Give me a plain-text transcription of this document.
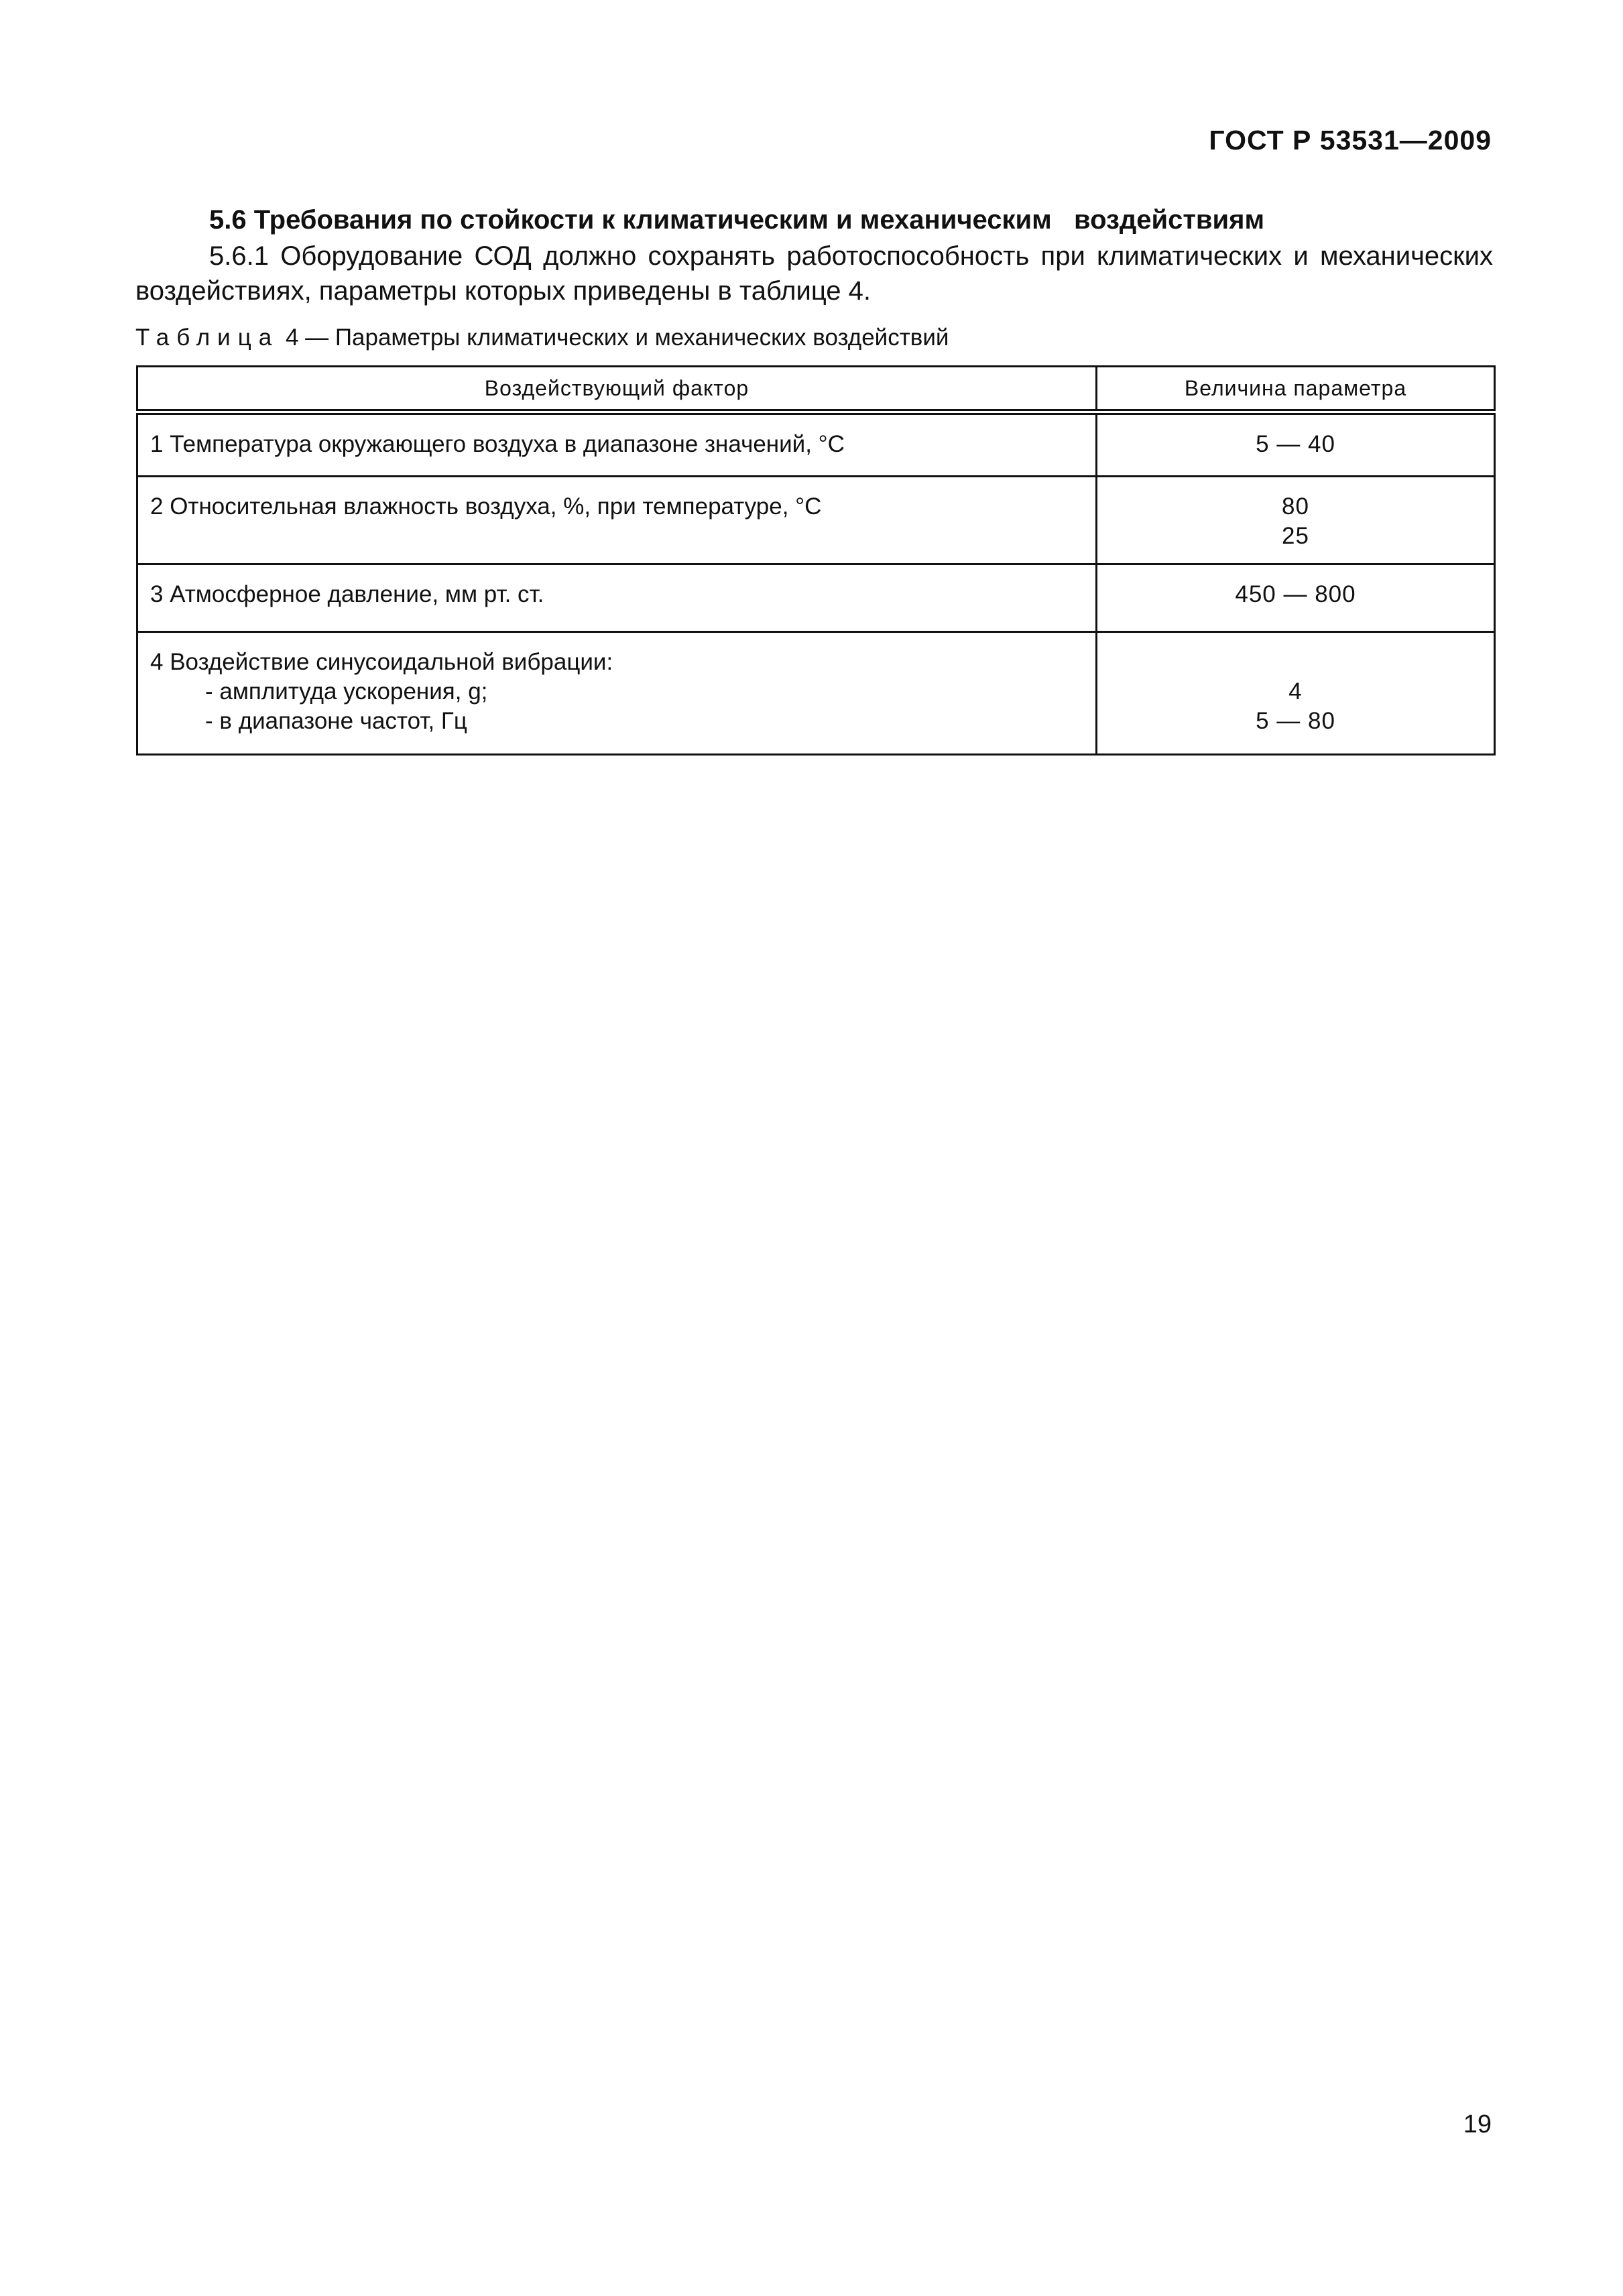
ГОСТ Р 53531—2009

5.6 Требования по стойкости к климатическим и механическим   воздействиям

5.6.1 Оборудование СОД должно сохранять работоспособность при климатических и механических воздействиях, параметры которых приведены в таблице 4.

Таблица 4 — Параметры климатических и механических воздействий

Воздействующий фактор	Величина параметра
1 Температура окружающего воздуха в диапазоне значений, °С	5 — 40

2 Относительная влажность воздуха, %, при температуре, °С	80
25

3 Атмосферное давление, мм рт. ст.	450 — 800

4 Воздействие синусоидальной вибрации:
- амплитуда ускорения, g;
- в диапазоне частот, Гц	4
5 — 80

19
